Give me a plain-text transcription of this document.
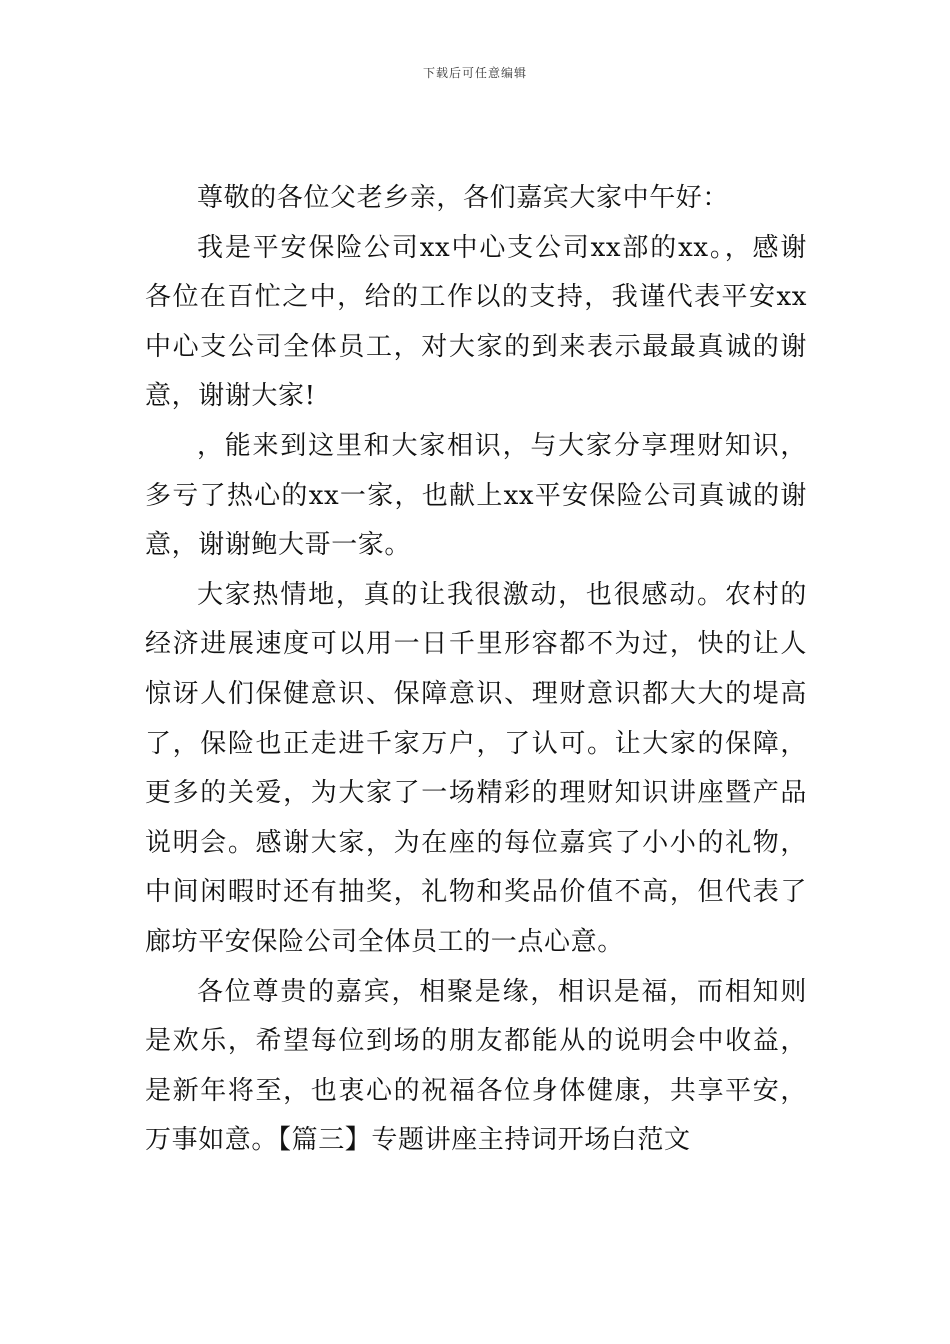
下载后可任意编辑

尊敬的各位父老乡亲，各们嘉宾大家中午好：

我是平安保险公司xx中心支公司xx部的xx。，感谢各位在百忙之中，给的工作以的支持，我谨代表平安xx中心支公司全体员工，对大家的到来表示最最真诚的谢意，谢谢大家!

，能来到这里和大家相识，与大家分享理财知识，多亏了热心的xx一家，也献上xx平安保险公司真诚的谢意，谢谢鲍大哥一家。

大家热情地，真的让我很激动，也很感动。农村的经济进展速度可以用一日千里形容都不为过，快的让人惊讶人们保健意识、保障意识、理财意识都大大的堤高了，保险也正走进千家万户，了认可。让大家的保障，更多的关爱，为大家了一场精彩的理财知识讲座暨产品说明会。感谢大家，为在座的每位嘉宾了小小的礼物，中间闲暇时还有抽奖，礼物和奖品价值不高，但代表了廊坊平安保险公司全体员工的一点心意。

各位尊贵的嘉宾，相聚是缘，相识是福，而相知则是欢乐，希望每位到场的朋友都能从的说明会中收益，是新年将至，也衷心的祝福各位身体健康，共享平安，万事如意。【篇三】专题讲座主持词开场白范文
